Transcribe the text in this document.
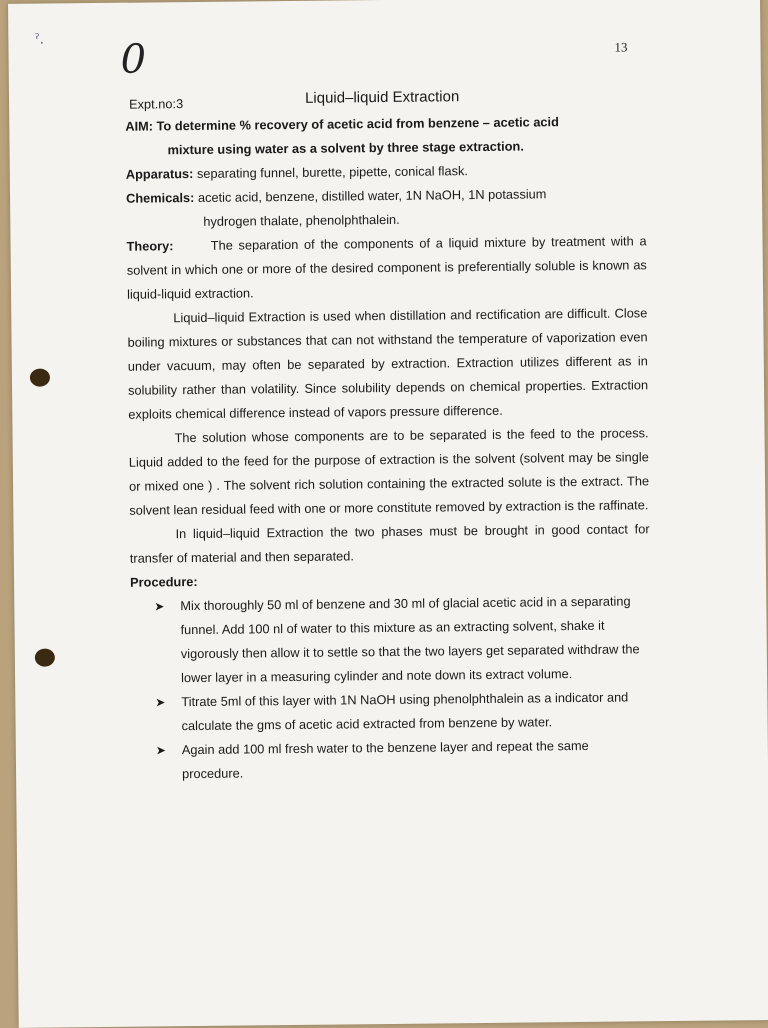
ˀ. 0	13
Expt.no:3	Liquid–liquid Extraction

AIM: To determine % recovery of acetic acid from benzene – acetic acid

mixture using water as a solvent by three stage extraction.

Apparatus: separating funnel, burette, pipette, conical flask.

Chemicals: acetic acid, benzene, distilled water, 1N NaOH, 1N potassium

hydrogen thalate, phenolphthalein.

Theory:	The separation of the components of a liquid mixture by treatment with a solvent in which one or more of the desired component is preferentially soluble is known as liquid-liquid extraction.

Liquid–liquid Extraction is used when distillation and rectification are difficult. Close boiling mixtures or substances that can not withstand the temperature of vaporization even under vacuum, may often be separated by extraction. Extraction utilizes different as in solubility rather than volatility. Since solubility depends on chemical properties. Extraction exploits chemical difference instead of vapors pressure difference.

The solution whose components are to be separated is the feed to the process. Liquid added to the feed for the purpose of extraction is the solvent (solvent may be single or mixed one ) . The solvent rich solution containing the extracted solute is the extract. The solvent lean residual feed with one or more constitute removed by extraction is the raffinate.

In liquid–liquid Extraction the two phases must be brought in good contact for transfer of material and then separated.

Procedure:

➤ Mix thoroughly 50 ml of benzene and 30 ml of glacial acetic acid in a separating funnel. Add 100 nl of water to this mixture as an extracting solvent, shake it vigorously then allow it to settle so that the two layers get separated withdraw the lower layer in a measuring cylinder and note down its extract volume.
➤ Titrate 5ml of this layer with 1N NaOH using phenolphthalein as a indicator and calculate the gms of acetic acid extracted from benzene by water.
➤ Again add 100 ml fresh water to the benzene layer and repeat the same procedure.
